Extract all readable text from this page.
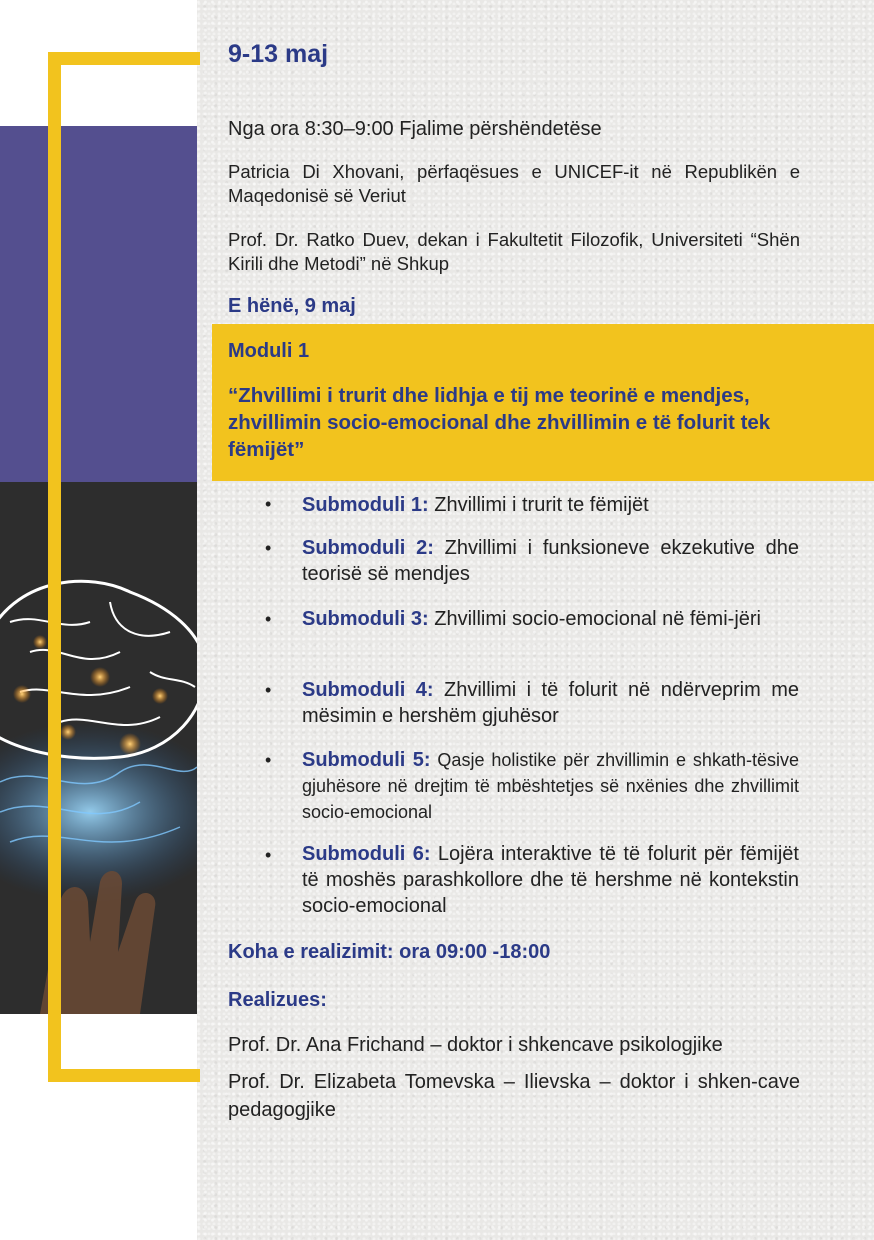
9-13 maj
Nga ora 8:30–9:00 Fjalime përshëndetëse
Patricia Di Xhovani, përfaqësues e UNICEF-it në Republikën e Maqedonisë së Veriut
Prof. Dr. Ratko Duev, dekan i Fakultetit Filozofik, Universiteti “Shën Kirili dhe Metodi” në Shkup
E hënë, 9 maj
Moduli 1
“Zhvillimi i trurit dhe lidhja e tij me teorinë e mendjes, zhvillimin socio-emocional dhe zhvillimin e të folurit tek fëmijët”
• Submoduli 1: Zhvillimi i trurit te fëmijët
• Submoduli 2: Zhvillimi i funksioneve ekzekutive dhe teorisë së mendjes
• Submoduli 3: Zhvillimi socio-emocional në fëmi-jëri
• Submoduli 4: Zhvillimi i të folurit në ndërveprim me mësimin e hershëm gjuhësor
• Submoduli 5: Qasje holistike për zhvillimin e shkath-tësive gjuhësore në drejtim të mbështetjes së nxënies dhe zhvillimit socio-emocional
• Submoduli 6: Lojëra interaktive të të folurit për fëmijët të moshës parashkollore dhe të hershme në kontekstin socio-emocional
Koha e realizimit: ora 09:00 -18:00
Realizues:
Prof. Dr. Ana Frichand – doktor i shkencave psikologjike
Prof. Dr. Elizabeta Tomevska – Ilievska – doktor i shken-cave pedagogjike
